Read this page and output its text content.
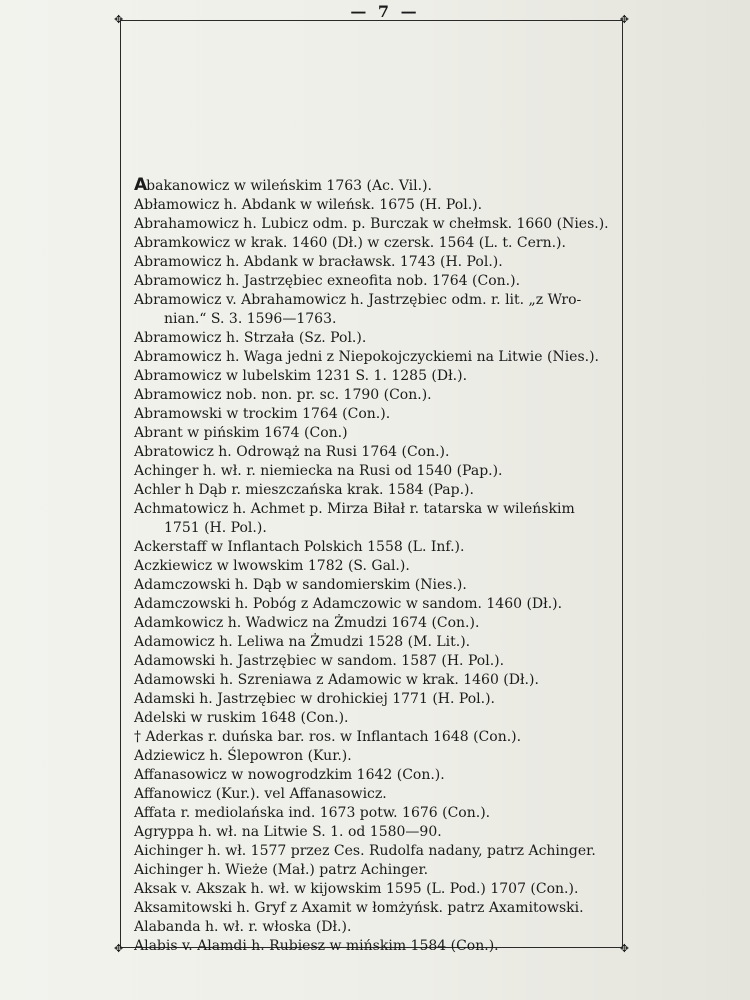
— 7 —
✥	✥
✥	✥
Abakanowicz w wileńskim 1763 (Ac. Vil.).
Abłamowicz h. Abdank w wileńsk. 1675 (H. Pol.).
Abrahamowicz h. Lubicz odm. p. Burczak w chełmsk. 1660 (Nies.).
Abramkowicz w krak. 1460 (Dł.) w czersk. 1564 (L. t. Cern.).
Abramowicz h. Abdank w bracławsk. 1743 (H. Pol.).
Abramowicz h. Jastrzębiec exneofita nob. 1764 (Con.).
Abramowicz v. Abrahamowicz h. Jastrzębiec odm. r. lit. „z Wro-
nian.“ S. 3. 1596—1763.
Abramowicz h. Strzała (Sz. Pol.).
Abramowicz h. Waga jedni z Niepokojczyckiemi na Litwie (Nies.).
Abramowicz w lubelskim 1231 S. 1. 1285 (Dł.).
Abramowicz nob. non. pr. sc. 1790 (Con.).
Abramowski w trockim 1764 (Con.).
Abrant w pińskim 1674 (Con.)
Abratowicz h. Odrowąż na Rusi 1764 (Con.).
Achinger h. wł. r. niemiecka na Rusi od 1540 (Pap.).
Achler h Dąb r. mieszczańska krak. 1584 (Pap.).
Achmatowicz h. Achmet p. Mirza Biłał r. tatarska w wileńskim
1751 (H. Pol.).
Ackerstaff w Inflantach Polskich 1558 (L. Inf.).
Aczkiewicz w lwowskim 1782 (S. Gal.).
Adamczowski h. Dąb w sandomierskim (Nies.).
Adamczowski h. Pobóg z Adamczowic w sandom. 1460 (Dł.).
Adamkowicz h. Wadwicz na Żmudzi 1674 (Con.).
Adamowicz h. Leliwa na Żmudzi 1528 (M. Lit.).
Adamowski h. Jastrzębiec w sandom. 1587 (H. Pol.).
Adamowski h. Szreniawa z Adamowic w krak. 1460 (Dł.).
Adamski h. Jastrzębiec w drohickiej 1771 (H. Pol.).
Adelski w ruskim 1648 (Con.).
† Aderkas r. duńska bar. ros. w Inflantach 1648 (Con.).
Adziewicz h. Ślepowron (Kur.).
Affanasowicz w nowogrodzkim 1642 (Con.).
Affanowicz (Kur.). vel Affanasowicz.
Affata r. mediolańska ind. 1673 potw. 1676 (Con.).
Agryppa h. wł. na Litwie S. 1. od 1580—90.
Aichinger h. wł. 1577 przez Ces. Rudolfa nadany, patrz Achinger.
Aichinger h. Wieże (Mał.) patrz Achinger.
Aksak v. Akszak h. wł. w kijowskim 1595 (L. Pod.) 1707 (Con.).
Aksamitowski h. Gryf z Axamit w łomżyńsk. patrz Axamitowski.
Alabanda h. wł. r. włoska (Dł.).
Alabis v. Alamdi h. Rubiesz w mińskim 1584 (Con.).
